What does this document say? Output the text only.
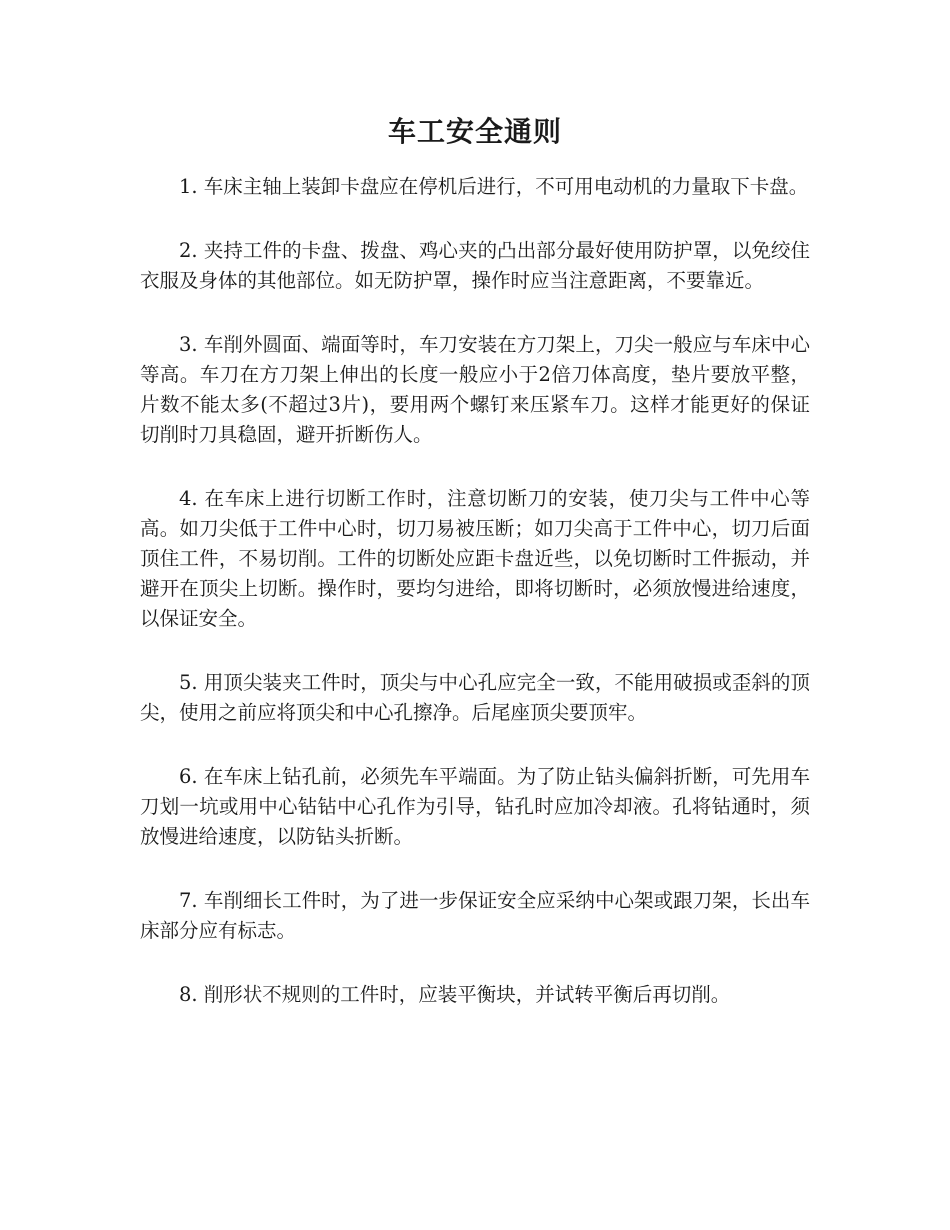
车工安全通则

1. 车床主轴上装卸卡盘应在停机后进行，不可用电动机的力量取下卡盘。

2. 夹持工件的卡盘、拨盘、鸡心夹的凸出部分最好使用防护罩，以免绞住衣服及身体的其他部位。如无防护罩，操作时应当注意距离，不要靠近。

3. 车削外圆面、端面等时，车刀安装在方刀架上，刀尖一般应与车床中心等高。车刀在方刀架上伸出的长度一般应小于2倍刀体高度，垫片要放平整，片数不能太多(不超过3片)，要用两个螺钉来压紧车刀。这样才能更好的保证切削时刀具稳固，避开折断伤人。

4. 在车床上进行切断工作时，注意切断刀的安装，使刀尖与工件中心等高。如刀尖低于工件中心时，切刀易被压断；如刀尖高于工件中心，切刀后面顶住工件，不易切削。工件的切断处应距卡盘近些，以免切断时工件振动，并避开在顶尖上切断。操作时，要均匀进给，即将切断时，必须放慢进给速度，以保证安全。

5. 用顶尖装夹工件时，顶尖与中心孔应完全一致，不能用破损或歪斜的顶尖，使用之前应将顶尖和中心孔擦净。后尾座顶尖要顶牢。

6. 在车床上钻孔前，必须先车平端面。为了防止钻头偏斜折断，可先用车刀划一坑或用中心钻钻中心孔作为引导，钻孔时应加冷却液。孔将钻通时，须放慢进给速度，以防钻头折断。

7. 车削细长工件时，为了进一步保证安全应采纳中心架或跟刀架，长出车床部分应有标志。

8. 削形状不规则的工件时，应装平衡块，并试转平衡后再切削。
